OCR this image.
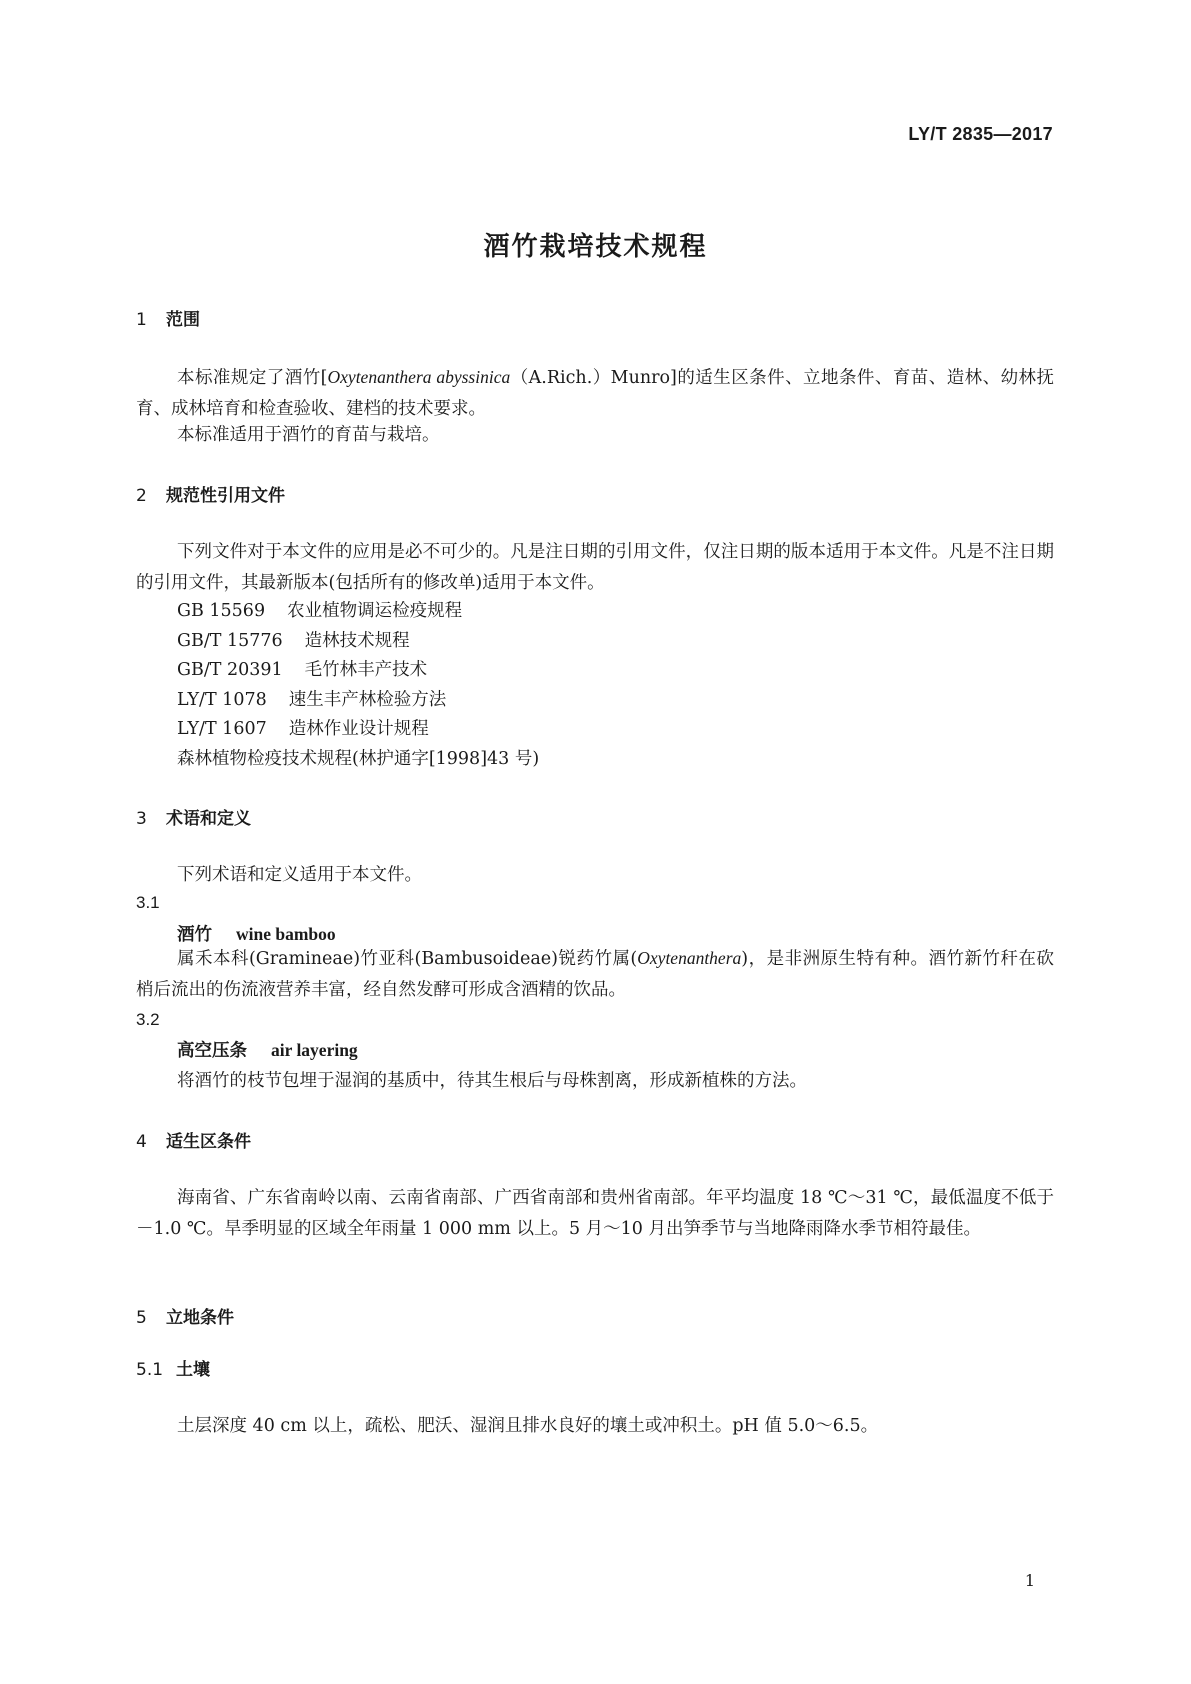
LY/T 2835—2017
酒竹栽培技术规程
1 范围
本标准规定了酒竹[Oxytenanthera abyssinica（A.Rich.）Munro]的适生区条件、立地条件、育苗、造林、幼林抚育、成林培育和检查验收、建档的技术要求。
本标准适用于酒竹的育苗与栽培。
2 规范性引用文件
下列文件对于本文件的应用是必不可少的。凡是注日期的引用文件，仅注日期的版本适用于本文件。凡是不注日期的引用文件，其最新版本(包括所有的修改单)适用于本文件。
GB 15569 农业植物调运检疫规程
GB/T 15776 造林技术规程
GB/T 20391 毛竹林丰产技术
LY/T 1078 速生丰产林检验方法
LY/T 1607 造林作业设计规程
森林植物检疫技术规程(林护通字[1998]43 号)
3 术语和定义
下列术语和定义适用于本文件。
3.1
酒竹 wine bamboo
属禾本科(Gramineae)竹亚科(Bambusoideae)锐药竹属(Oxytenanthera)，是非洲原生特有种。酒竹新竹秆在砍梢后流出的伤流液营养丰富，经自然发酵可形成含酒精的饮品。
3.2
高空压条 air layering
将酒竹的枝节包埋于湿润的基质中，待其生根后与母株割离，形成新植株的方法。
4 适生区条件
海南省、广东省南岭以南、云南省南部、广西省南部和贵州省南部。年平均温度 18 ℃～31 ℃，最低温度不低于－1.0 ℃。旱季明显的区域全年雨量 1 000 mm 以上。5 月～10 月出笋季节与当地降雨降水季节相符最佳。
5 立地条件
5.1 土壤
土层深度 40 cm 以上，疏松、肥沃、湿润且排水良好的壤土或冲积土。pH 值 5.0～6.5。
1
